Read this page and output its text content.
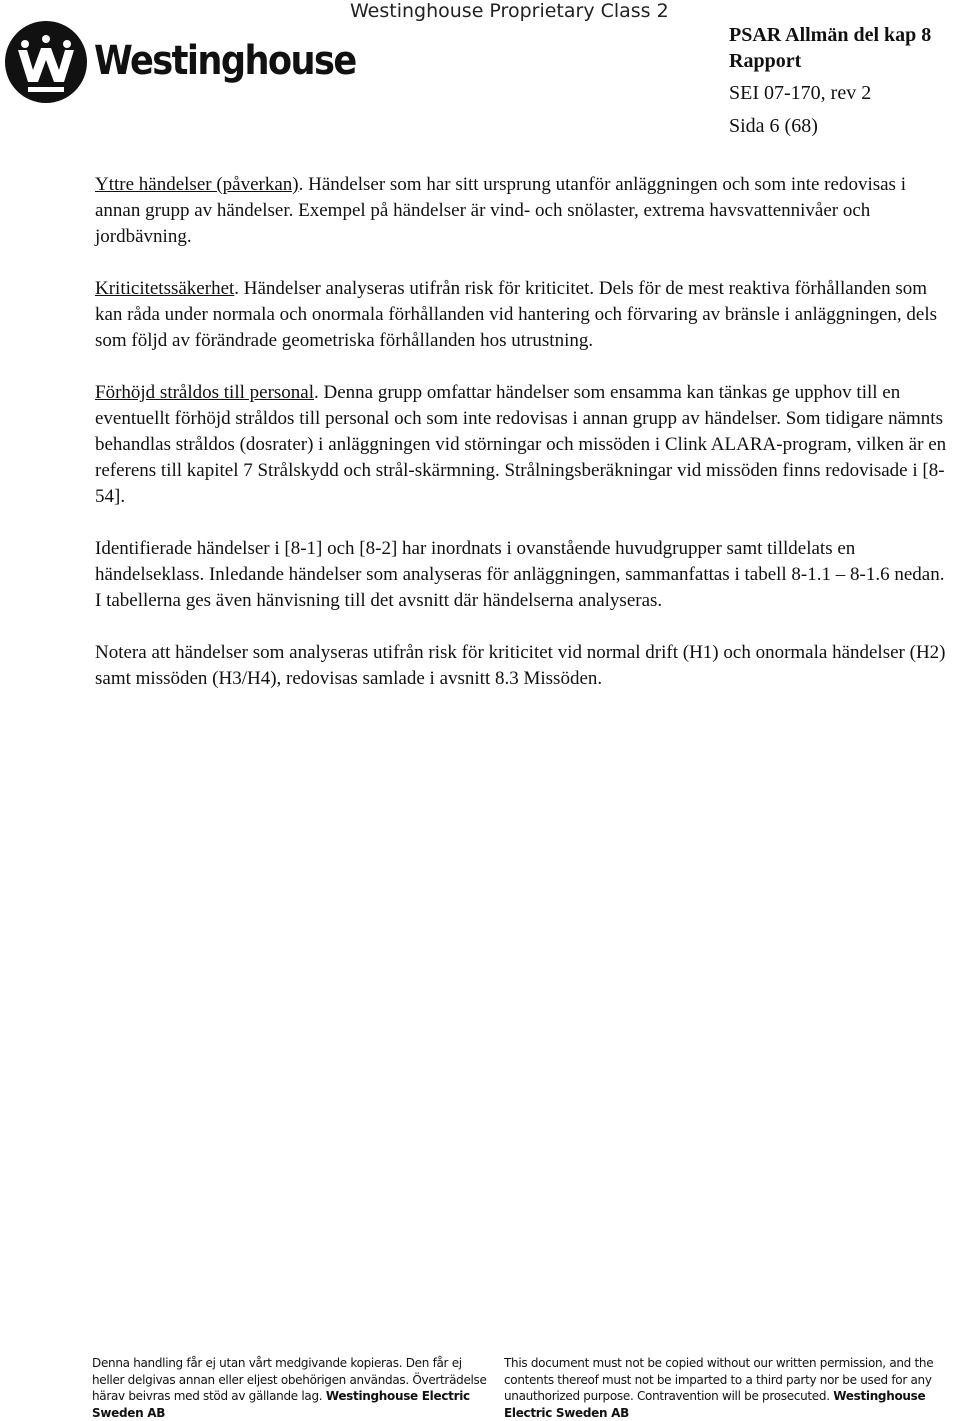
Westinghouse Proprietary Class 2
Westinghouse
PSAR Allmän del kap 8
Rapport
SEI 07-170, rev 2
Sida 6 (68)

Yttre händelser (påverkan). Händelser som har sitt ursprung utanför anläggningen och som inte redovisas i annan grupp av händelser. Exempel på händelser är vind- och snölaster, extrema havsvattennivåer och jordbävning.

Kriticitetssäkerhet. Händelser analyseras utifrån risk för kriticitet. Dels för de mest reaktiva förhållanden som kan råda under normala och onormala förhållanden vid hantering och förvaring av bränsle i anläggningen, dels som följd av förändrade geometriska förhållanden hos utrustning.

Förhöjd stråldos till personal. Denna grupp omfattar händelser som ensamma kan tänkas ge upphov till en eventuellt förhöjd stråldos till personal och som inte redovisas i annan grupp av händelser. Som tidigare nämnts behandlas stråldos (dosrater) i anläggningen vid störningar och missöden i Clink ALARA-program, vilken är en referens till kapitel 7 Strålskydd och strål-skärmning. Strålningsberäkningar vid missöden finns redovisade i [8-54].

Identifierade händelser i [8-1] och [8-2] har inordnats i ovanstående huvudgrupper samt tilldelats en händelseklass. Inledande händelser som analyseras för anläggningen, sammanfattas i tabell 8-1.1 – 8-1.6 nedan. I tabellerna ges även hänvisning till det avsnitt där händelserna analyseras.

Notera att händelser som analyseras utifrån risk för kriticitet vid normal drift (H1) och onormala händelser (H2) samt missöden (H3/H4), redovisas samlade i avsnitt 8.3 Missöden.

Denna handling får ej utan vårt medgivande kopieras. Den får ej heller delgivas annan eller eljest obehörigen användas. Överträdelse härav beivras med stöd av gällande lag. Westinghouse Electric Sweden AB
This document must not be copied without our written permission, and the contents thereof must not be imparted to a third party nor be used for any unauthorized purpose. Contravention will be prosecuted. Westinghouse Electric Sweden AB
